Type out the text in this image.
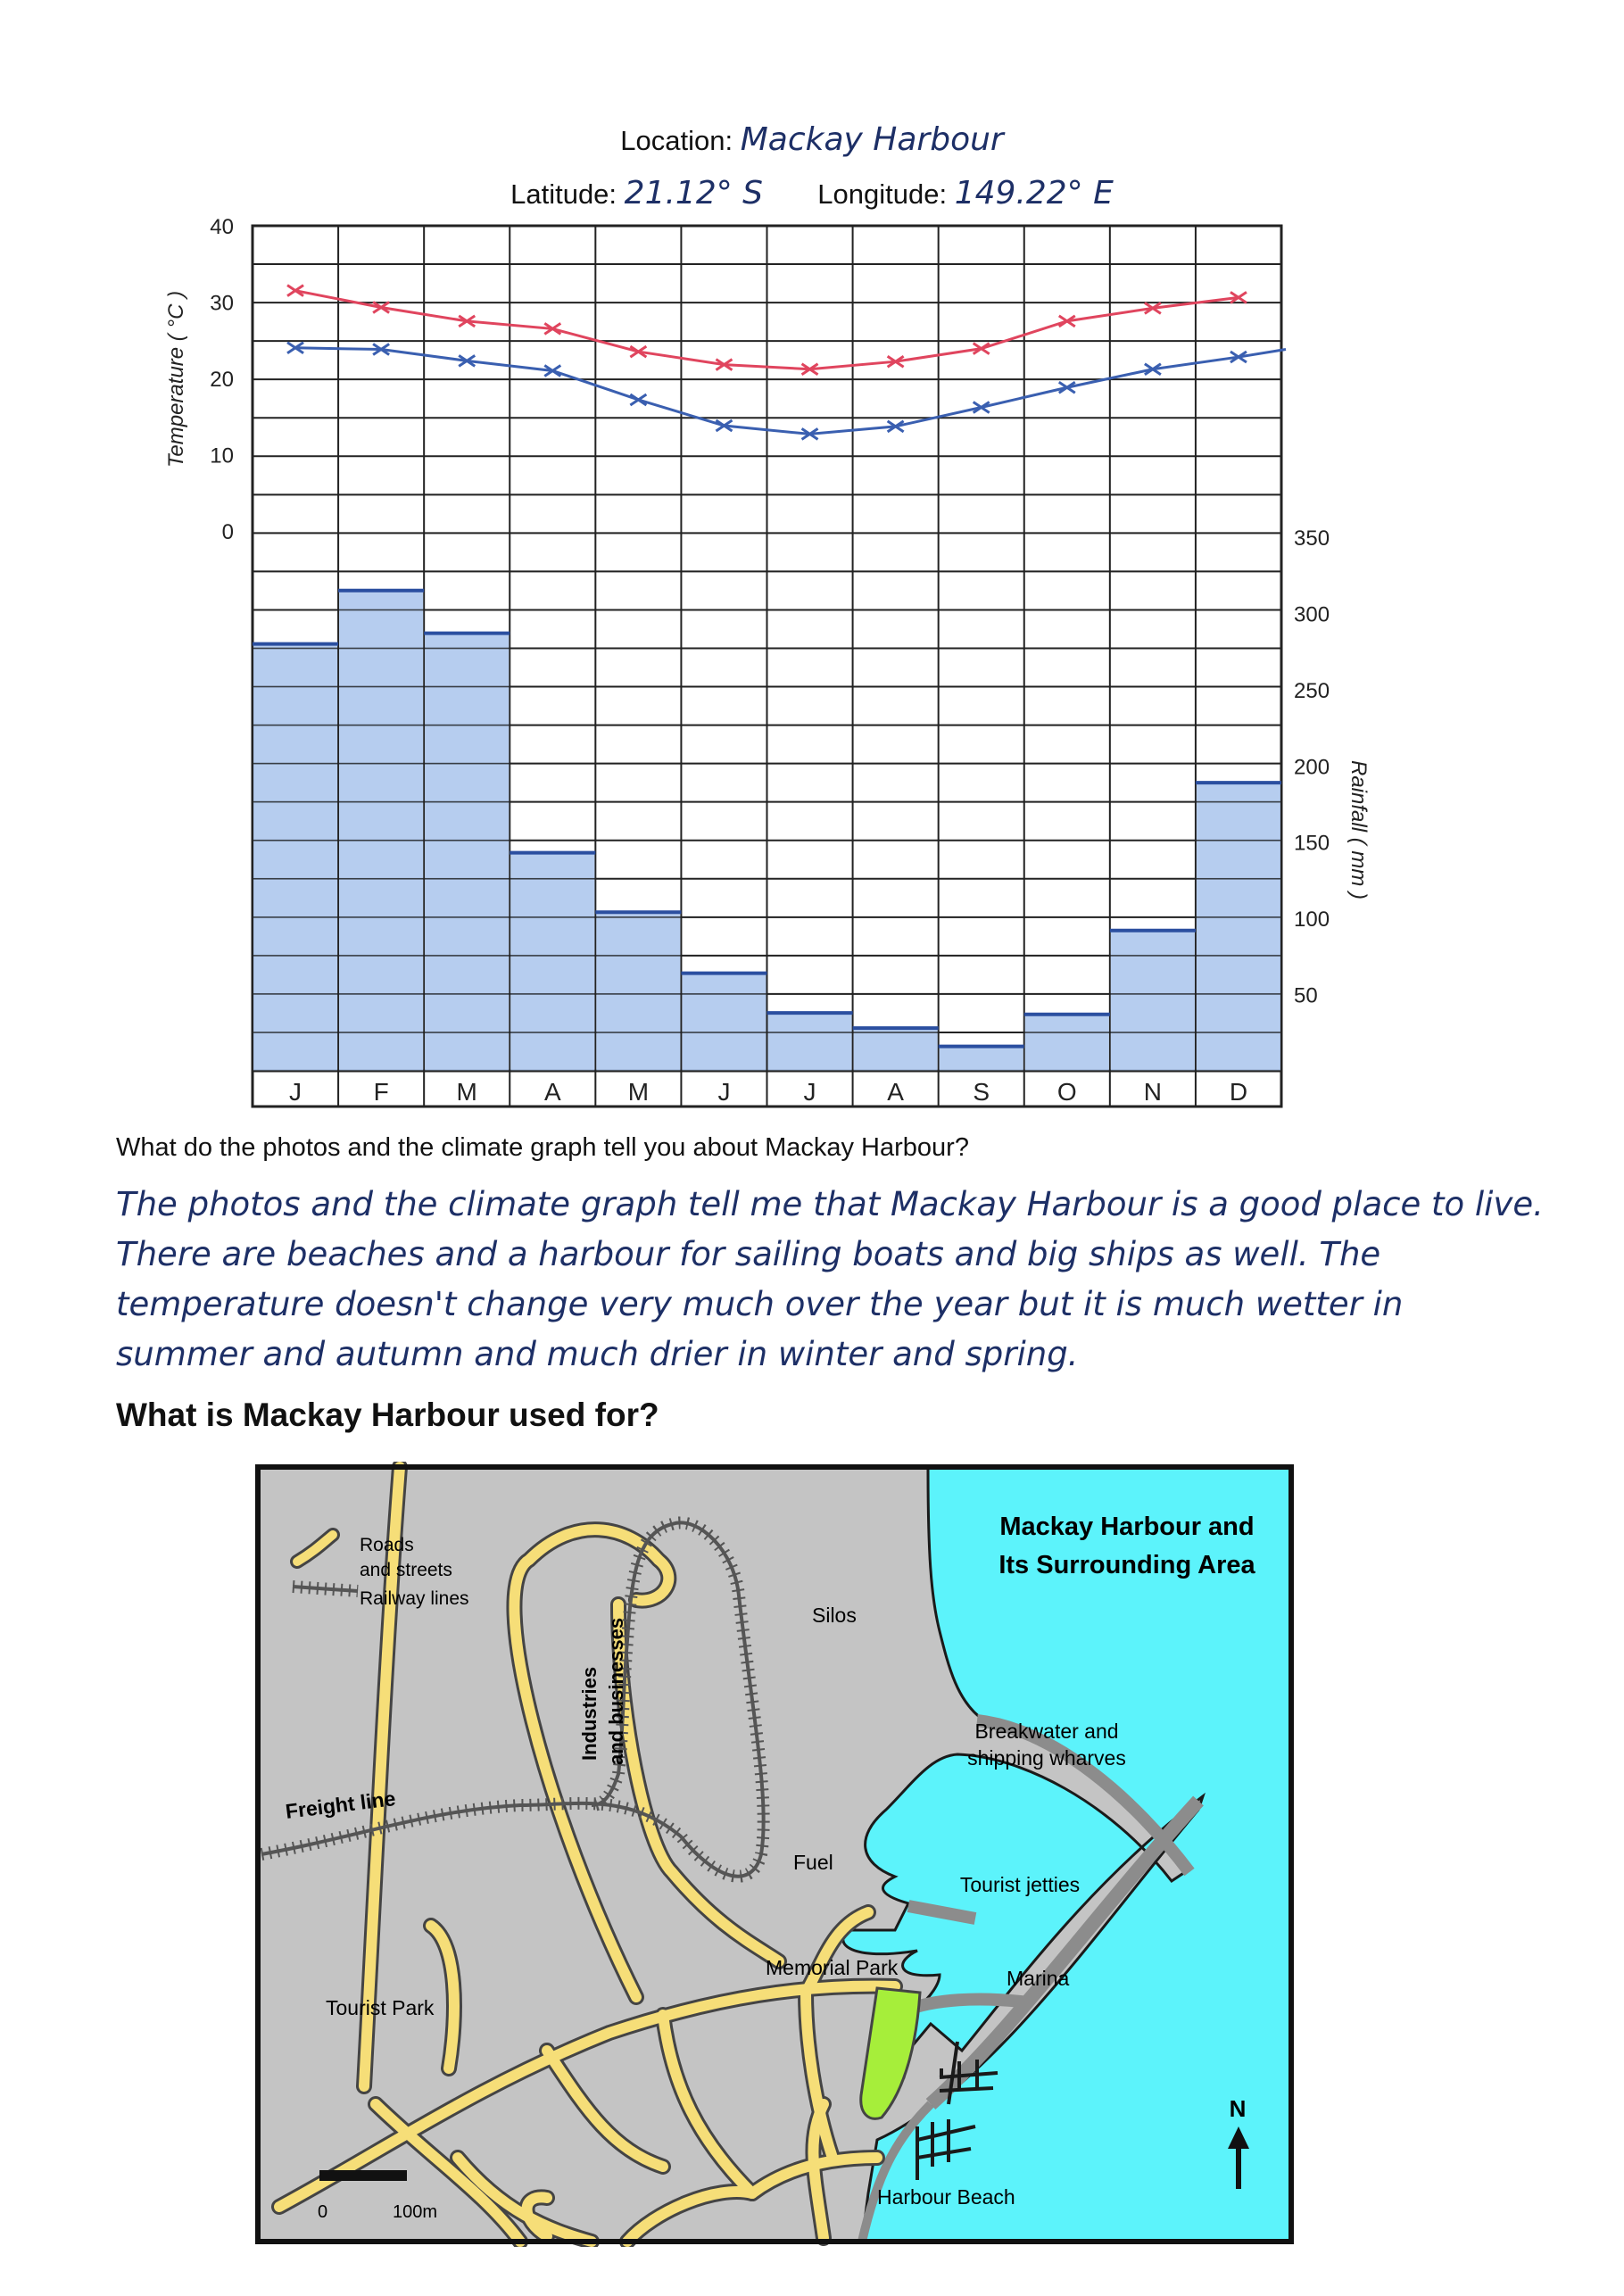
Location: Mackay Harbour
Latitude: 21.12° S Longitude: 149.22° E
40
30
20
10
0	350
300
250
200
150
100
50
Temperature ( °C )
Rainfall ( mm )
J	F	M	A	M	J	J	A	S	O	N	D
What do the photos and the climate graph tell you about Mackay Harbour?
The photos and the climate graph tell me that Mackay Harbour is a good place to live. There are beaches and a harbour for sailing boats and big ships as well. The temperature doesn't change very much over the year but it is much wetter in summer and autumn and much drier in winter and spring.
What is Mackay Harbour used for?
Roads
and streets
Railway lines
Mackay Harbour and
Its Surrounding Area
Silos
Industries and businesses	Breakwater and
shipping wharves
Freight line
Fuel
Tourist jetties
Memorial Park	Marina
Tourist Park
Harbour Beach
0	100m
N
